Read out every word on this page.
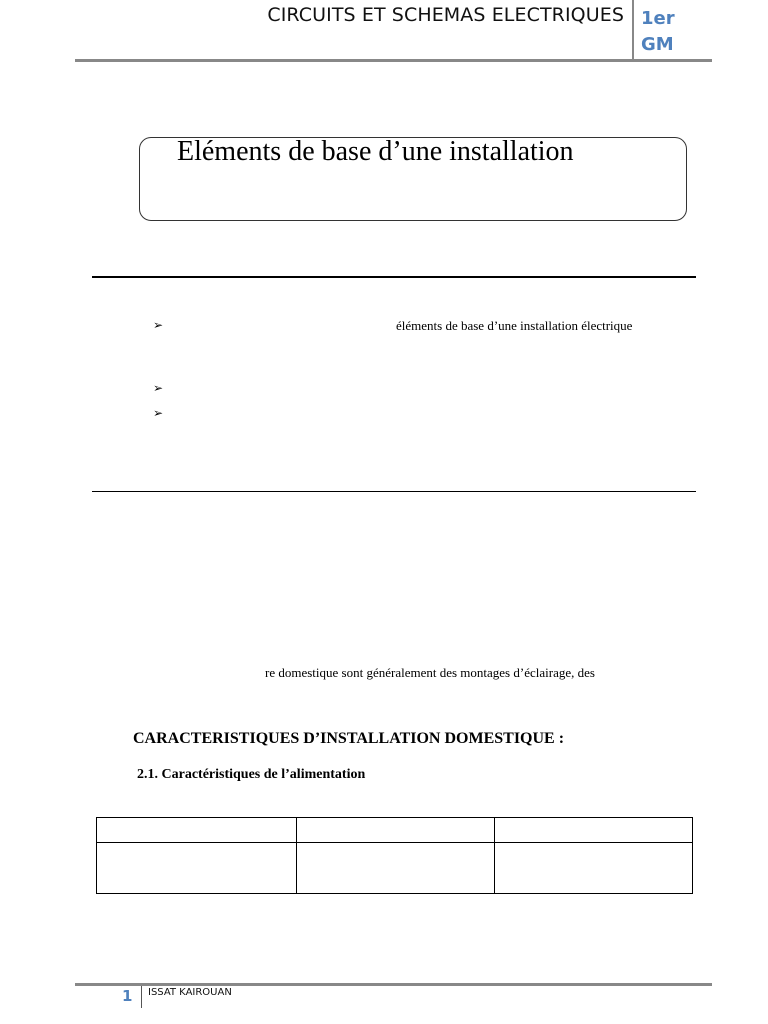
CIRCUITS ET SCHEMAS ELECTRIQUES 1er
GM
Eléments de base d’une installation
➢	éléments de base d’une installation électrique
➢
➢
re domestique sont généralement des montages d’éclairage, des
CARACTERISTIQUES D’INSTALLATION DOMESTIQUE :
2.1. Caractéristiques de l’alimentation

1 ISSAT KAIROUAN
